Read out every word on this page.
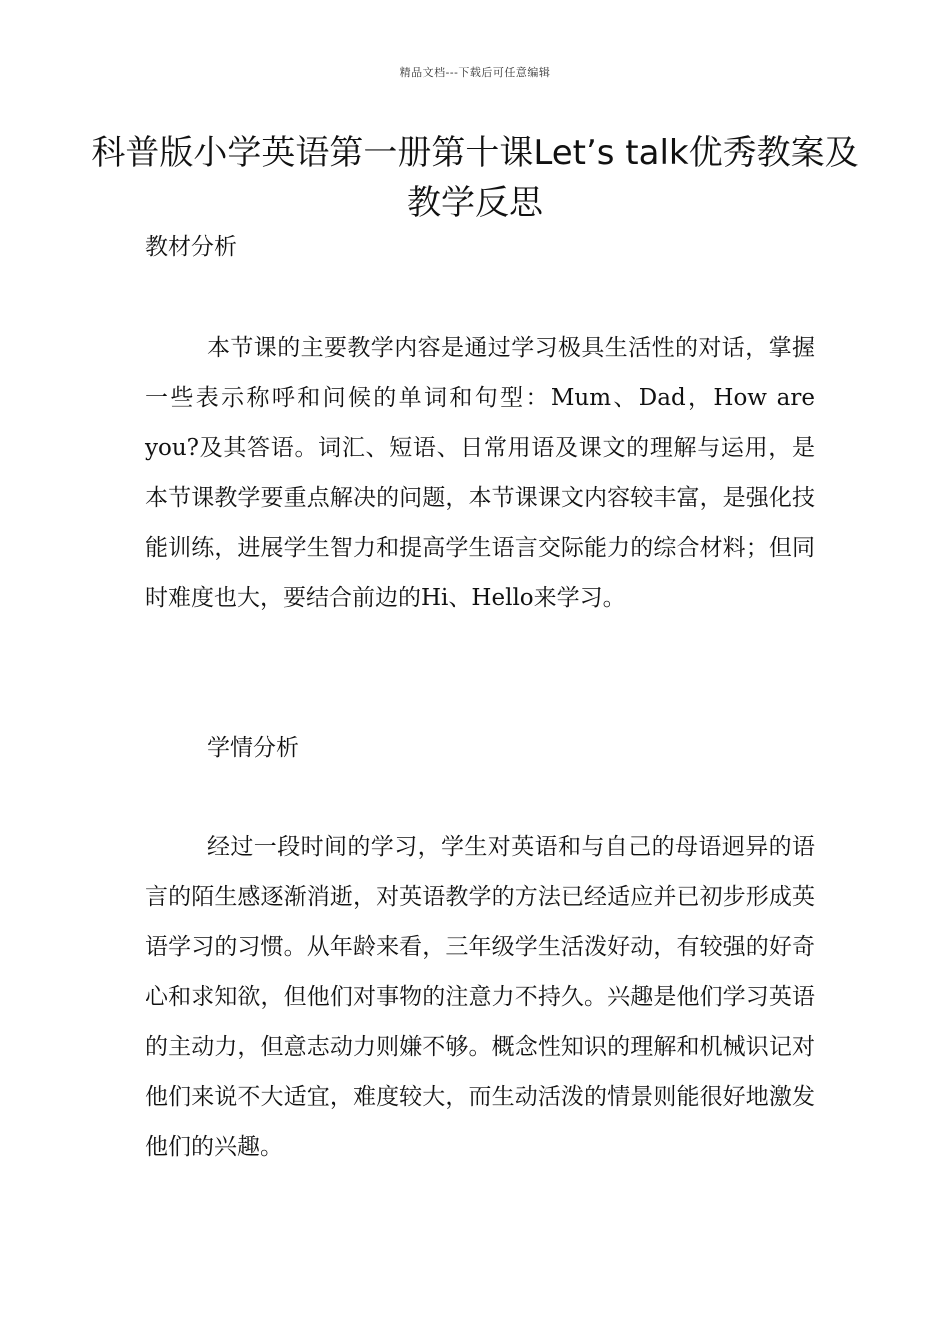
精品文档---下载后可任意编辑
科普版小学英语第一册第十课Let’s talk优秀教案及教学反思
教材分析

本节课的主要教学内容是通过学习极具生活性的对话，掌握一些表示称呼和问候的单词和句型：Mum、Dad，How are you?及其答语。词汇、短语、日常用语及课文的理解与运用，是本节课教学要重点解决的问题，本节课课文内容较丰富，是强化技能训练，进展学生智力和提高学生语言交际能力的综合材料；但同时难度也大，要结合前边的Hi、Hello来学习。

学情分析

经过一段时间的学习，学生对英语和与自己的母语迥异的语言的陌生感逐渐消逝，对英语教学的方法已经适应并已初步形成英语学习的习惯。从年龄来看，三年级学生活泼好动，有较强的好奇心和求知欲，但他们对事物的注意力不持久。兴趣是他们学习英语的主动力，但意志动力则嫌不够。概念性知识的理解和机械识记对他们来说不大适宜，难度较大，而生动活泼的情景则能很好地激发他们的兴趣。
